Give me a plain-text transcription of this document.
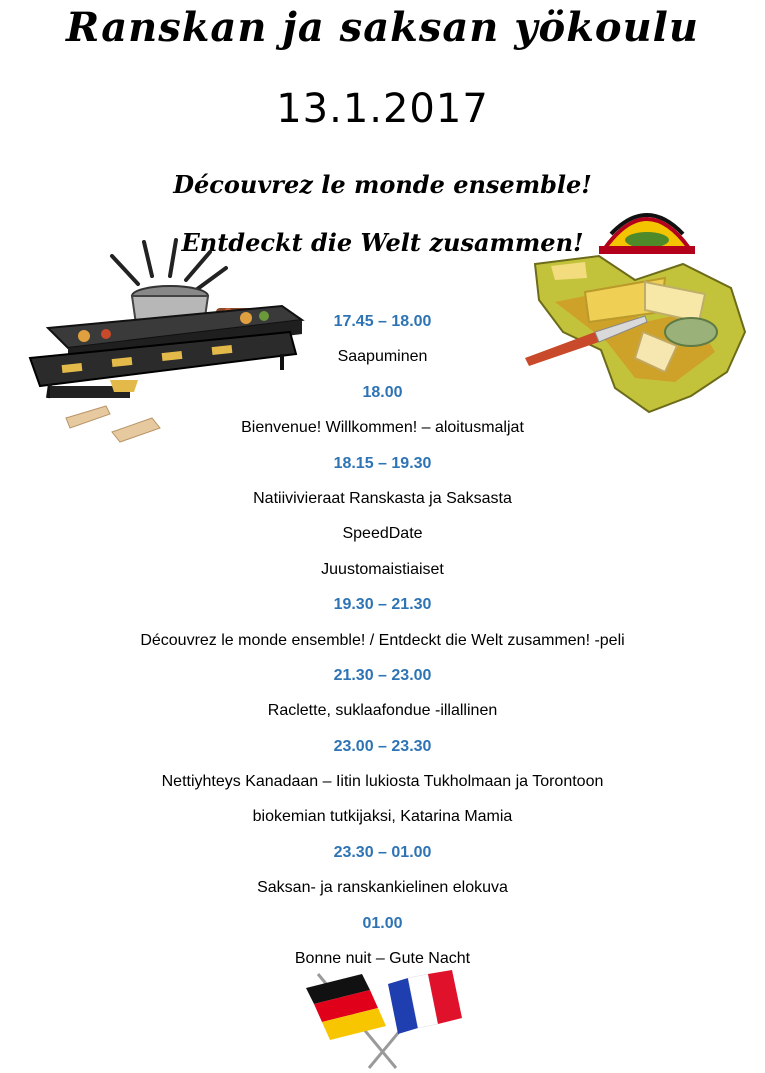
Ranskan ja saksan yökoulu
13.1.2017
Découvrez le monde ensemble!
Entdeckt die Welt zusammen!
17.45 – 18.00
Saapuminen
18.00
Bienvenue! Willkommen! – aloitusmaljat
18.15 – 19.30
Natiivivieraat Ranskasta ja Saksasta
SpeedDate
Juustomaistiaiset
19.30 – 21.30
Découvrez le monde ensemble! / Entdeckt die Welt zusammen! -peli
21.30 – 23.00
Raclette, suklaafondue -illallinen
23.00 – 23.30
Nettiyhteys Kanadaan – Iitin lukiosta Tukholmaan ja Torontoon
biokemian tutkijaksi, Katarina Mamia
23.30 – 01.00
Saksan- ja ranskankielinen elokuva
01.00
Bonne nuit – Gute Nacht
